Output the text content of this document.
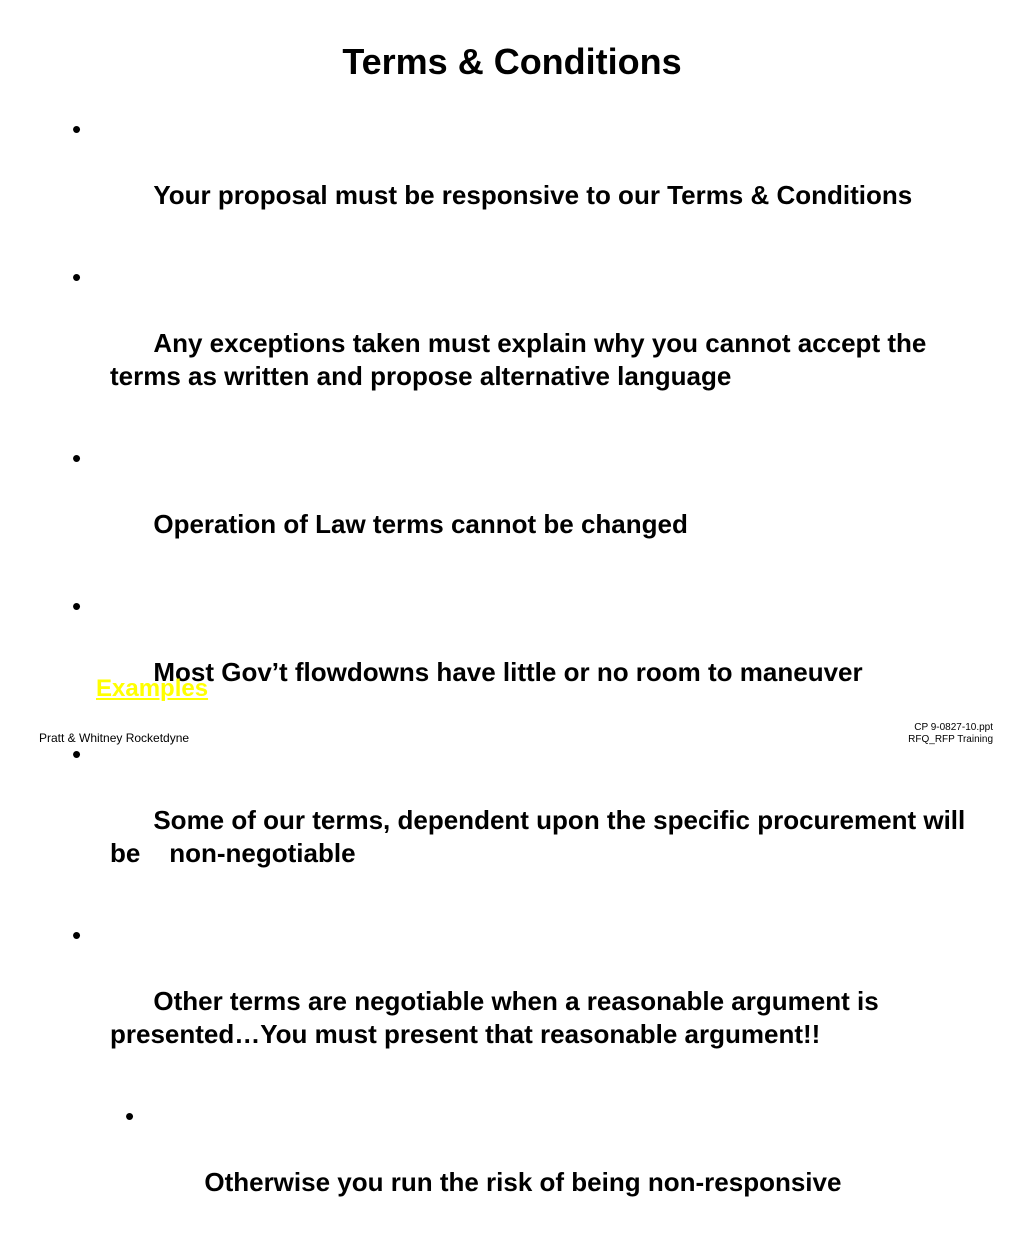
Terms & Conditions

•

Your proposal must be responsive to our Terms & Conditions

•

Any exceptions taken must explain why you cannot accept the terms as written and propose alternative language

•

Operation of Law terms cannot be changed

•

Most Gov’t flowdowns have little or no room to maneuver

•

Some of our terms, dependent upon the specific procurement will be    non-negotiable

•

Other terms are negotiable when a reasonable argument is presented…You must present that reasonable argument!!

•

Otherwise you run the risk of being non-responsive

Examples
Pratt & Whitney Rocketdyne
CP 9-0827-10.ppt
RFQ_RFP Training
